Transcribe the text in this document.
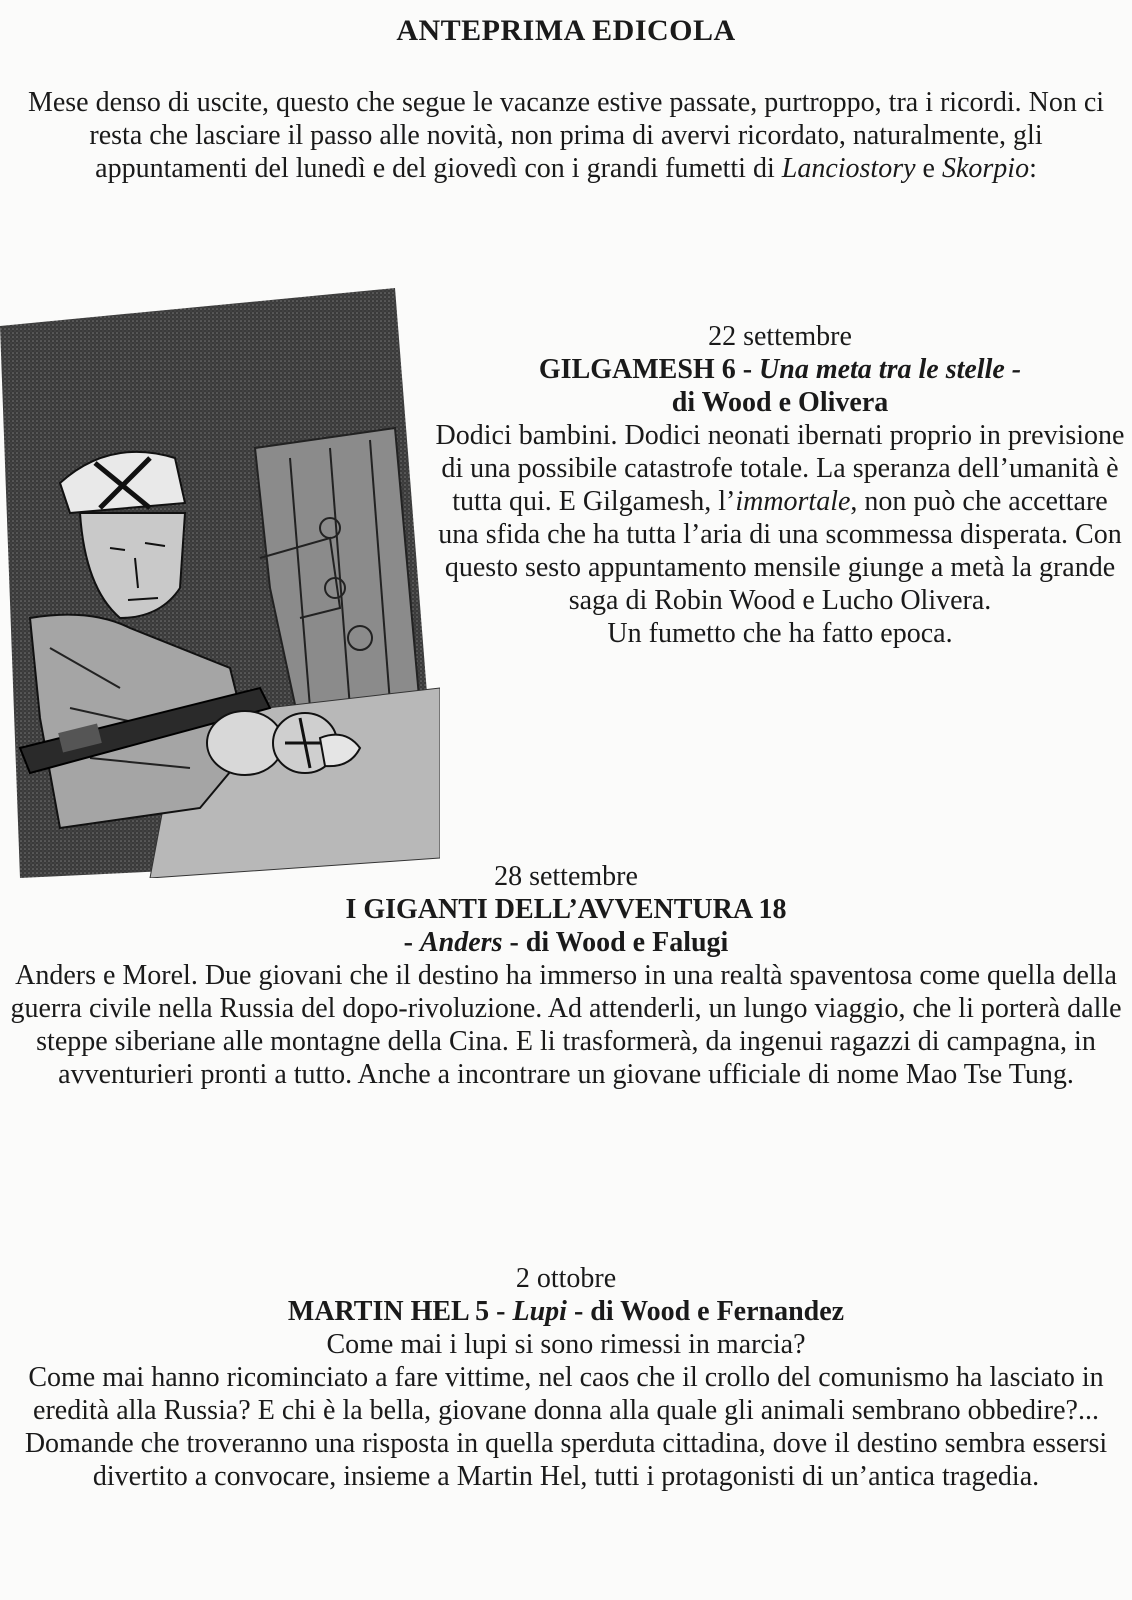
ANTEPRIMA EDICOLA
Mese denso di uscite, questo che segue le vacanze estive passate, purtroppo, tra i ricordi. Non ci resta che lasciare il passo alle novità, non prima di avervi ricordato, naturalmente, gli appuntamenti del lunedì e del giovedì con i grandi fumetti di Lanciostory e Skorpio:
22 settembre
GILGAMESH 6 - Una meta tra le stelle -
di Wood e Olivera
Dodici bambini. Dodici neonati ibernati proprio in previsione di una possibile catastrofe totale. La speranza dell’umanità è tutta qui. E Gilgamesh, l’immortale, non può che accettare una sfida che ha tutta l’aria di una scommessa disperata. Con questo sesto appuntamento mensile giunge a metà la grande saga di Robin Wood e Lucho Olivera.
Un fumetto che ha fatto epoca.
28 settembre
I GIGANTI DELL’AVVENTURA 18
- Anders - di Wood e Falugi
Anders e Morel. Due giovani che il destino ha immerso in una realtà spaventosa come quella della guerra civile nella Russia del dopo-rivoluzione. Ad attenderli, un lungo viaggio, che li porterà dalle steppe siberiane alle montagne della Cina. E li trasformerà, da ingenui ragazzi di campagna, in avventurieri pronti a tutto. Anche a incontrare un giovane ufficiale di nome Mao Tse Tung.
2 ottobre
MARTIN HEL 5 - Lupi - di Wood e Fernandez
Come mai i lupi si sono rimessi in marcia?
Come mai hanno ricominciato a fare vittime, nel caos che il crollo del comunismo ha lasciato in eredità alla Russia? E chi è la bella, giovane donna alla quale gli animali sembrano obbedire?... Domande che troveranno una risposta in quella sperduta cittadina, dove il destino sembra essersi divertito a convocare, insieme a Martin Hel, tutti i protagonisti di un’antica tragedia.
